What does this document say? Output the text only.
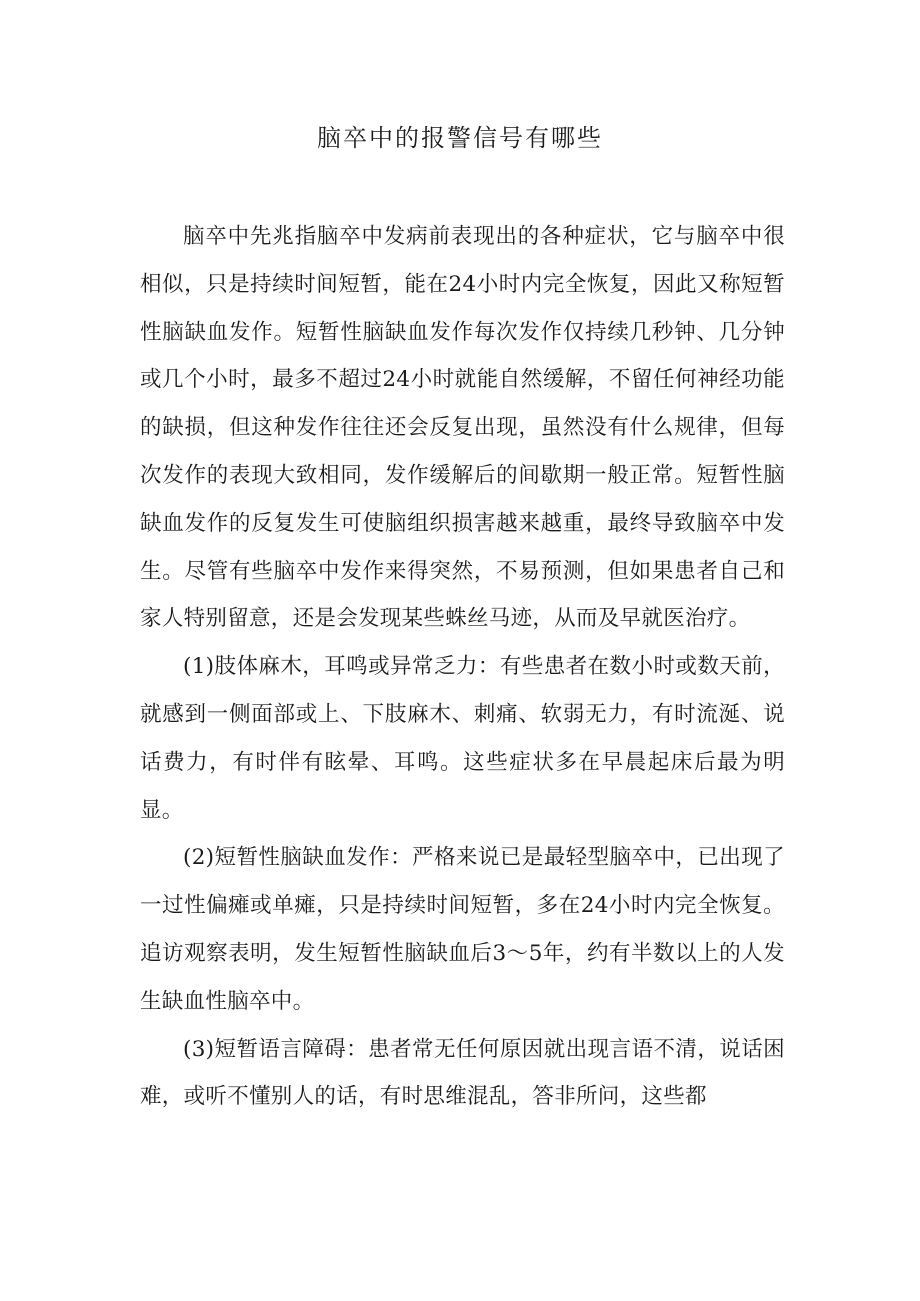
脑卒中的报警信号有哪些

脑卒中先兆指脑卒中发病前表现出的各种症状，它与脑卒中很相似，只是持续时间短暂，能在24小时内完全恢复，因此又称短暂性脑缺血发作。短暂性脑缺血发作每次发作仅持续几秒钟、几分钟或几个小时，最多不超过24小时就能自然缓解，不留任何神经功能的缺损，但这种发作往往还会反复出现，虽然没有什么规律，但每次发作的表现大致相同，发作缓解后的间歇期一般正常。短暂性脑缺血发作的反复发生可使脑组织损害越来越重，最终导致脑卒中发生。尽管有些脑卒中发作来得突然，不易预测，但如果患者自己和家人特别留意，还是会发现某些蛛丝马迹，从而及早就医治疗。

(1)肢体麻木，耳鸣或异常乏力：有些患者在数小时或数天前，就感到一侧面部或上、下肢麻木、刺痛、软弱无力，有时流涎、说话费力，有时伴有眩晕、耳鸣。这些症状多在早晨起床后最为明显。

(2)短暂性脑缺血发作：严格来说已是最轻型脑卒中，已出现了一过性偏瘫或单瘫，只是持续时间短暂，多在24小时内完全恢复。追访观察表明，发生短暂性脑缺血后3～5年，约有半数以上的人发生缺血性脑卒中。

(3)短暂语言障碍：患者常无任何原因就出现言语不清，说话困难，或听不懂别人的话，有时思维混乱，答非所问，这些都
